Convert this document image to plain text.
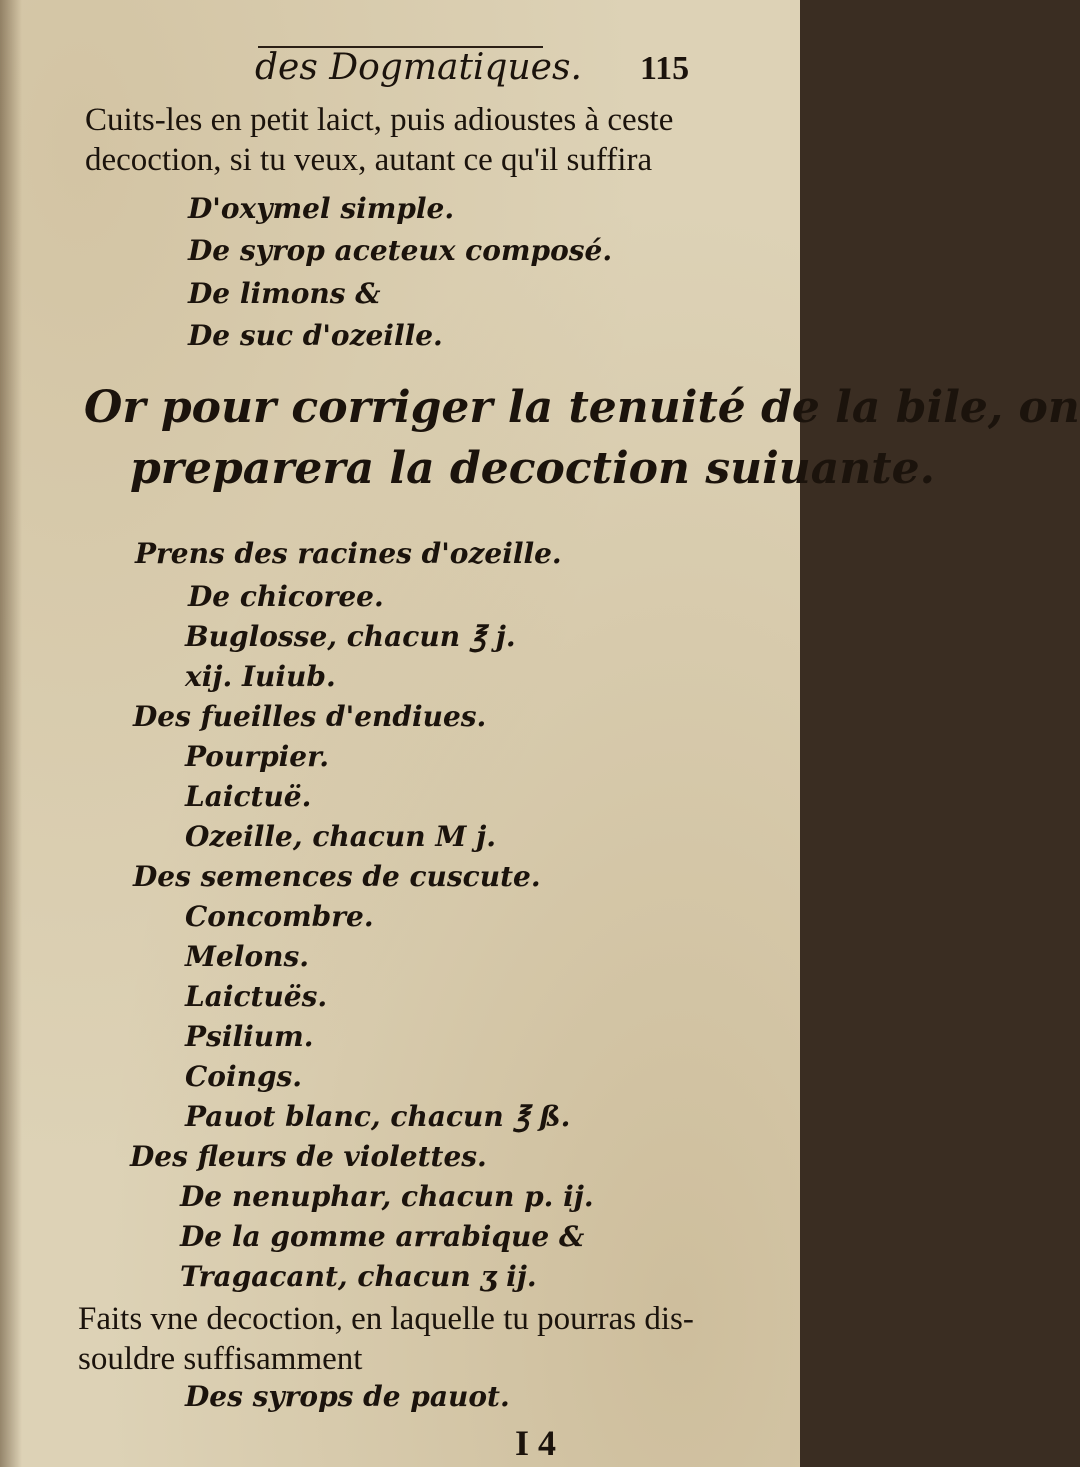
des Dogmatiques. 115
Cuits-les en petit laict, puis adioustes à ceste
decoction, si tu veux, autant ce qu'il suffira
D'oxymel simple.
De syrop aceteux composé.
De limons &
De suc d'ozeille.
Or pour corriger la tenuité de la bile, on
preparera la decoction suiuante.
Prens des racines d'ozeille.
De chicoree.
Buglosse, chacun ℥ j.
xij. Iuiub.
Des fueilles d'endiues.
Pourpier.
Laictuë.
Ozeille, chacun M j.
Des semences de cuscute.
Concombre.
Melons.
Laictuës.
Psilium.
Coings.
Pauot blanc, chacun ℥ ß.
Des fleurs de violettes.
De nenuphar, chacun p. ij.
De la gomme arrabique &
Tragacant, chacun ʒ ij.
Faits vne decoction, en laquelle tu pourras dis-
souldre suffisamment
Des syrops de pauot.
I 4
